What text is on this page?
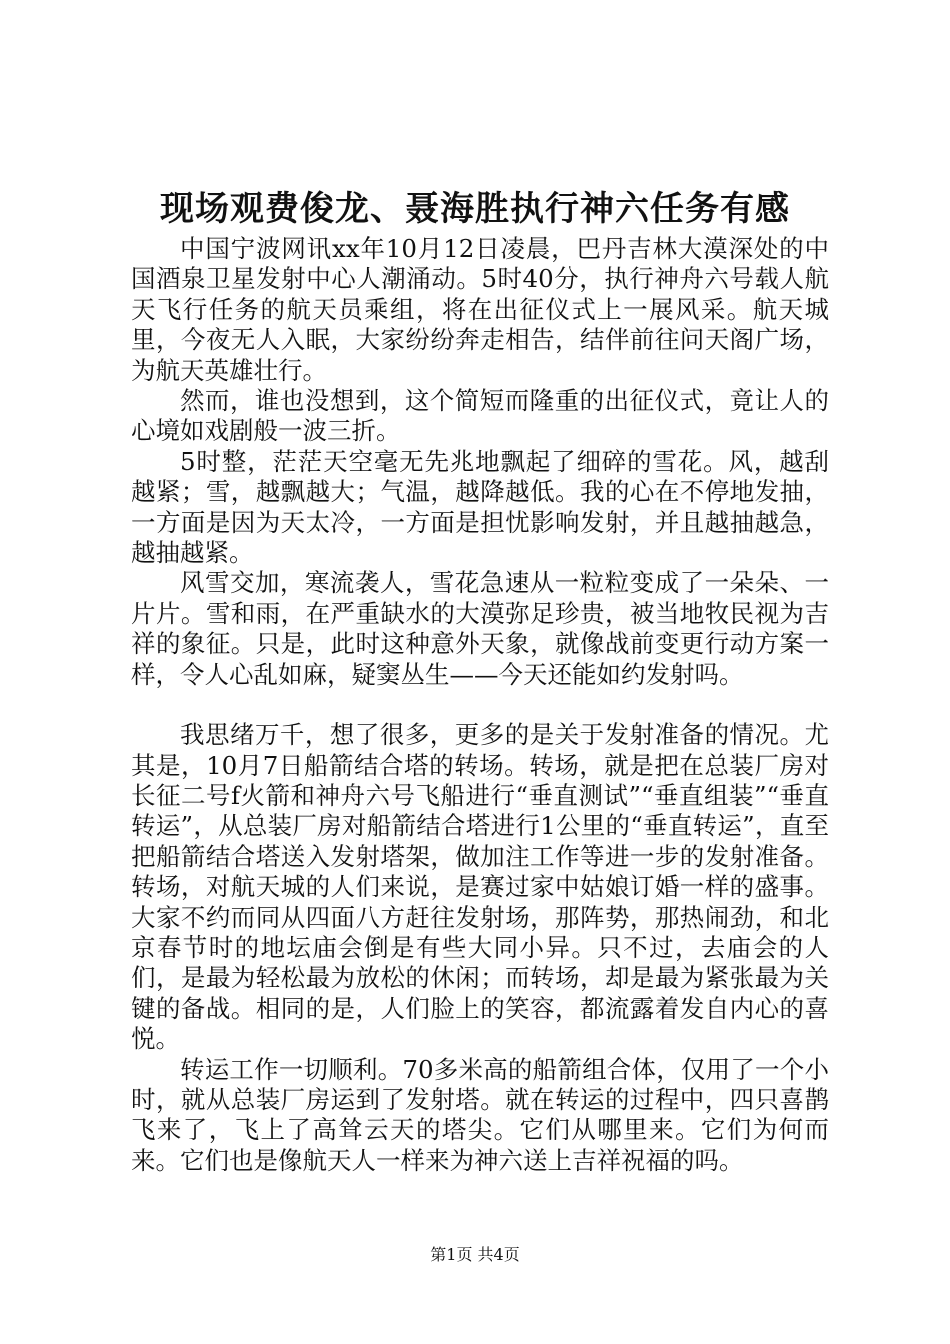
现场观费俊龙、聂海胜执行神六任务有感

中国宁波网讯xx年10月12日凌晨，巴丹吉林大漠深处的中国酒泉卫星发射中心人潮涌动。5时40分，执行神舟六号载人航天飞行任务的航天员乘组，将在出征仪式上一展风采。航天城里，今夜无人入眠，大家纷纷奔走相告，结伴前往问天阁广场，为航天英雄壮行。

然而，谁也没想到，这个简短而隆重的出征仪式，竟让人的心境如戏剧般一波三折。

5时整，茫茫天空毫无先兆地飘起了细碎的雪花。风，越刮越紧；雪，越飘越大；气温，越降越低。我的心在不停地发抽，一方面是因为天太冷，一方面是担忧影响发射，并且越抽越急，越抽越紧。

风雪交加，寒流袭人，雪花急速从一粒粒变成了一朵朵、一片片。雪和雨，在严重缺水的大漠弥足珍贵，被当地牧民视为吉祥的象征。只是，此时这种意外天象，就像战前变更行动方案一样，令人心乱如麻，疑窦丛生——今天还能如约发射吗。

我思绪万千，想了很多，更多的是关于发射准备的情况。尤其是，10月7日船箭结合塔的转场。转场，就是把在总装厂房对长征二号f火箭和神舟六号飞船进行“垂直测试”“垂直组装”“垂直转运”，从总装厂房对船箭结合塔进行1公里的“垂直转运”，直至把船箭结合塔送入发射塔架，做加注工作等进一步的发射准备。转场，对航天城的人们来说，是赛过家中姑娘订婚一样的盛事。大家不约而同从四面八方赶往发射场，那阵势，那热闹劲，和北京春节时的地坛庙会倒是有些大同小异。只不过，去庙会的人们，是最为轻松最为放松的休闲；而转场，却是最为紧张最为关键的备战。相同的是，人们脸上的笑容，都流露着发自内心的喜悦。

转运工作一切顺利。70多米高的船箭组合体，仅用了一个小时，就从总装厂房运到了发射塔。就在转运的过程中，四只喜鹊飞来了，飞上了高耸云天的塔尖。它们从哪里来。它们为何而来。它们也是像航天人一样来为神六送上吉祥祝福的吗。

第1页 共4页
